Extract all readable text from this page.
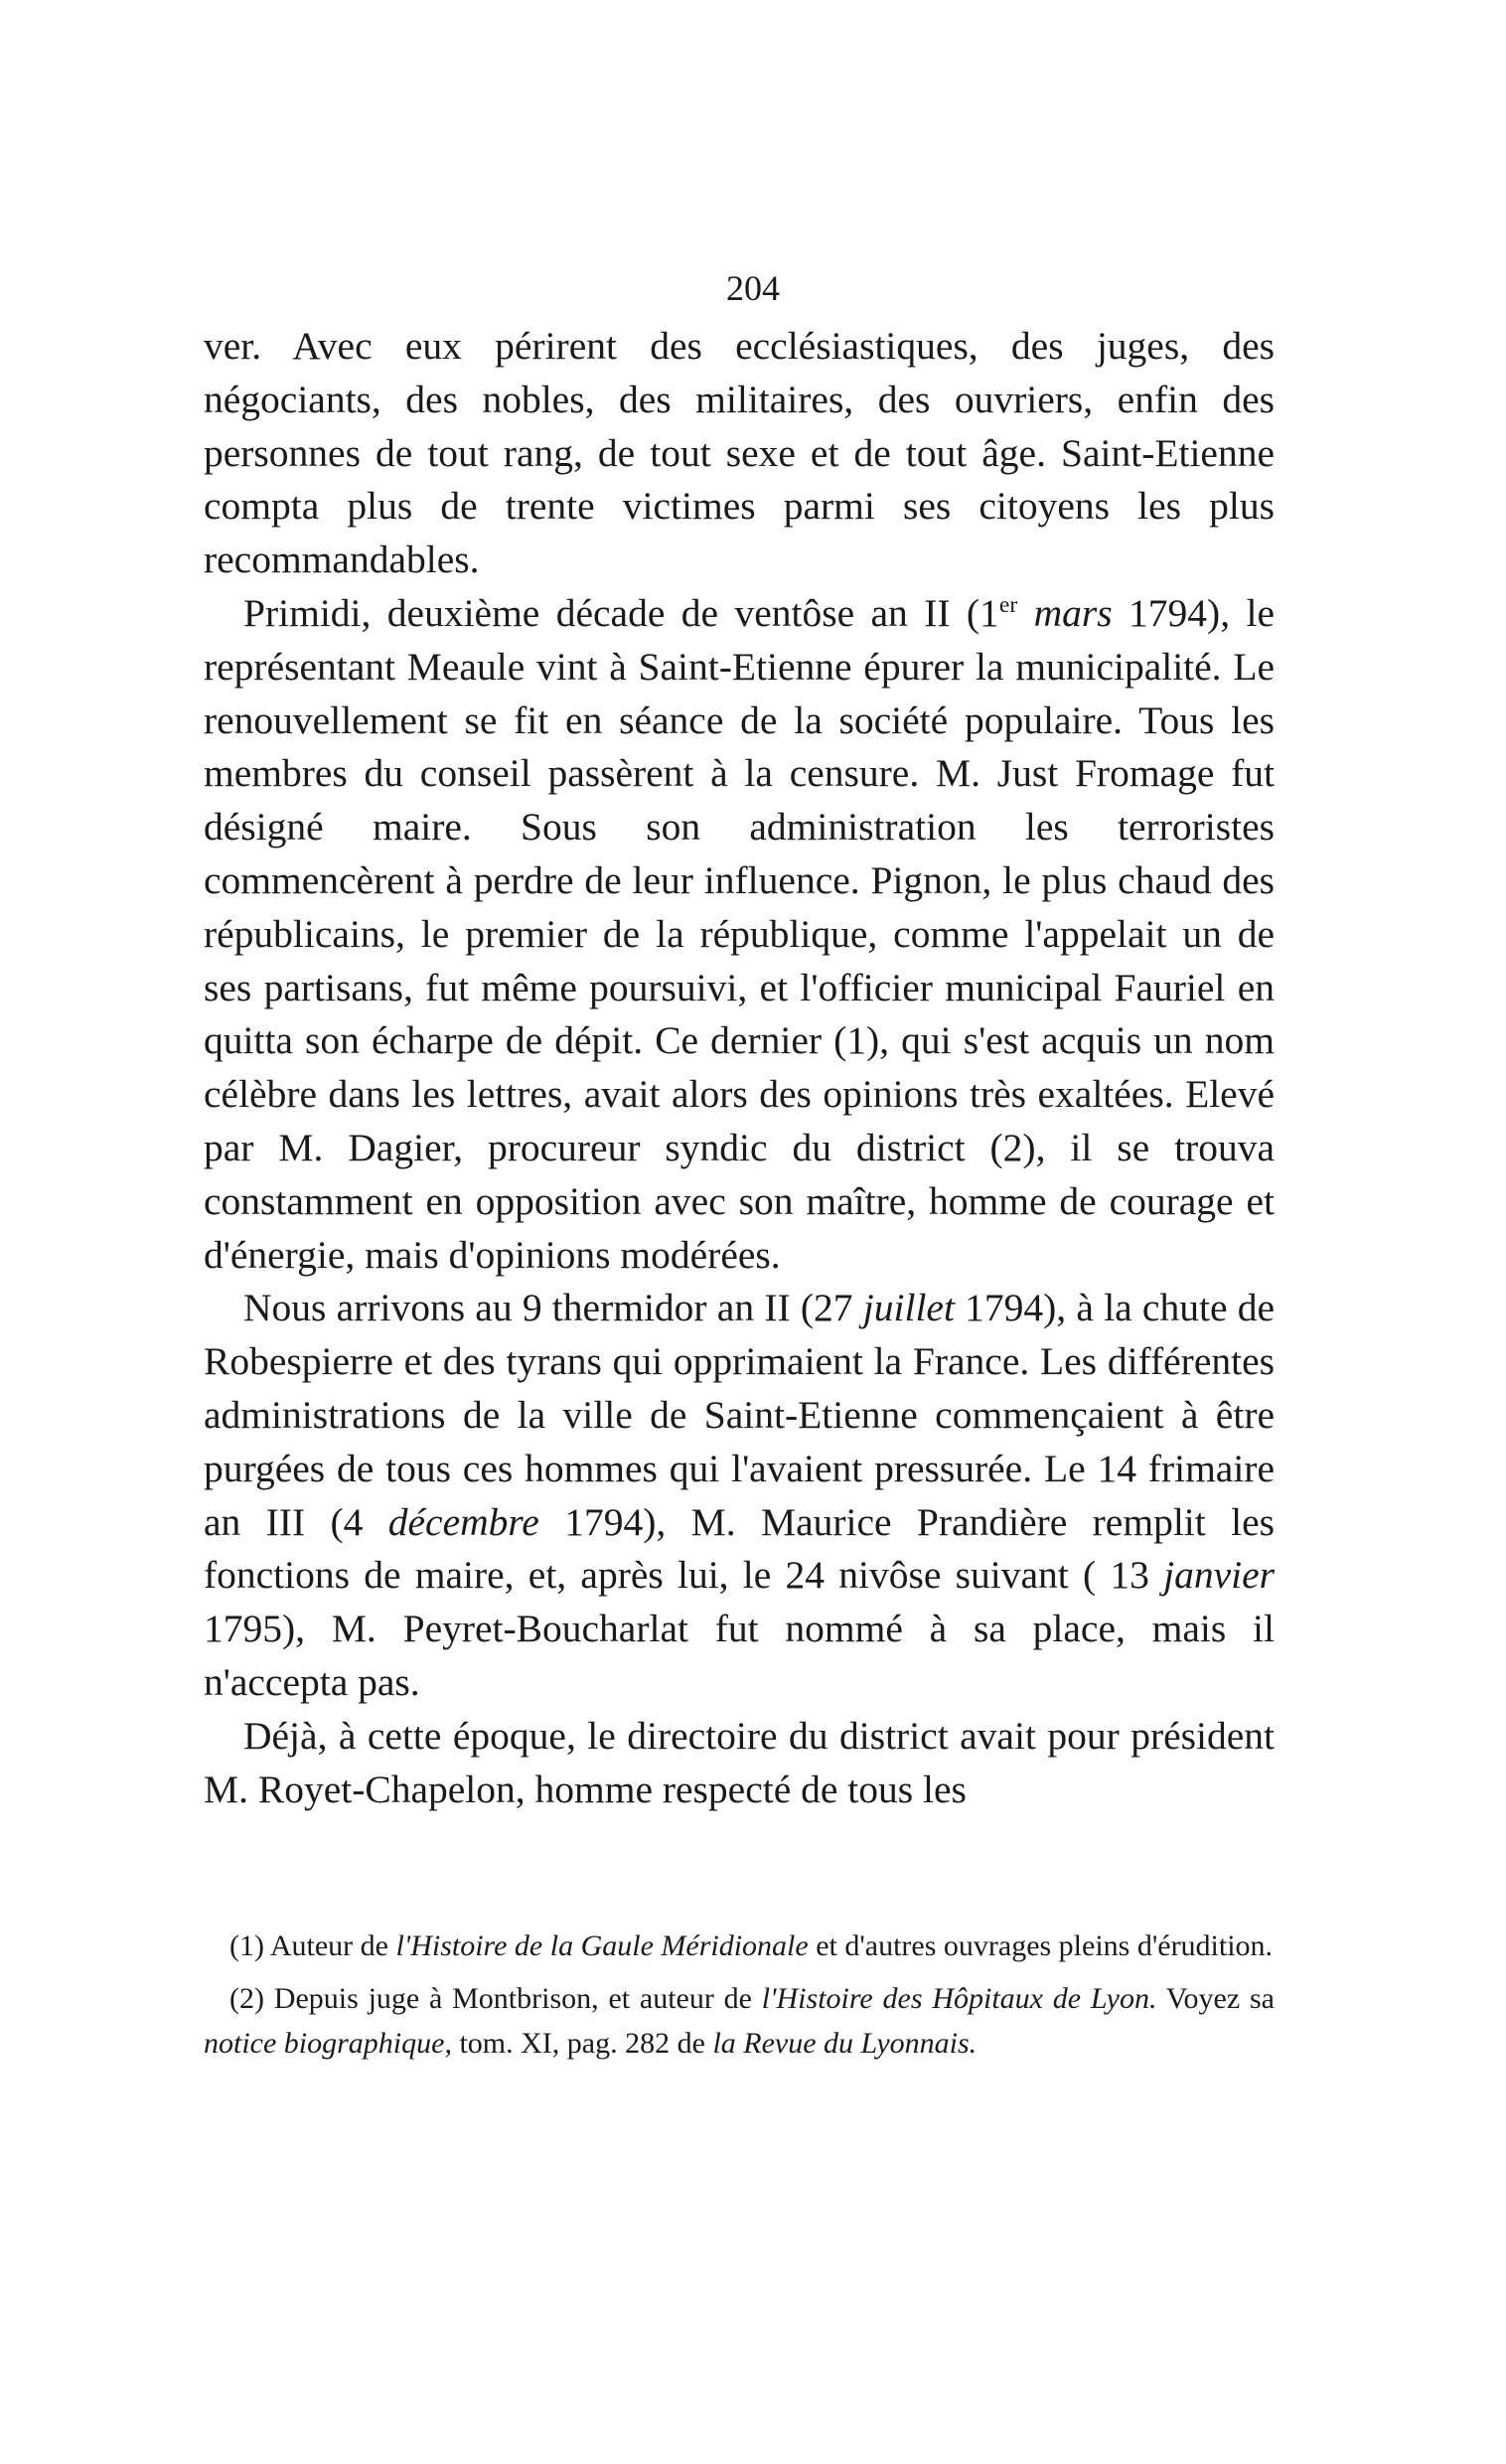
204

ver. Avec eux périrent des ecclésiastiques, des juges, des négociants, des nobles, des militaires, des ouvriers, enfin des personnes de tout rang, de tout sexe et de tout âge. Saint-Etienne compta plus de trente victimes parmi ses citoyens les plus recommandables.

Primidi, deuxième décade de ventôse an II (1er mars 1794), le représentant Meaule vint à Saint-Etienne épurer la municipalité. Le renouvellement se fit en séance de la société populaire. Tous les membres du conseil passèrent à la censure. M. Just Fromage fut désigné maire. Sous son administration les terroristes commencèrent à perdre de leur influence. Pignon, le plus chaud des républicains, le premier de la république, comme l'appelait un de ses partisans, fut même poursuivi, et l'officier municipal Fauriel en quitta son écharpe de dépit. Ce dernier (1), qui s'est acquis un nom célèbre dans les lettres, avait alors des opinions très exaltées. Elevé par M. Dagier, procureur syndic du district (2), il se trouva constamment en opposition avec son maître, homme de courage et d'énergie, mais d'opinions modérées.

Nous arrivons au 9 thermidor an II (27 juillet 1794), à la chute de Robespierre et des tyrans qui opprimaient la France. Les différentes administrations de la ville de Saint-Etienne commençaient à être purgées de tous ces hommes qui l'avaient pressurée. Le 14 frimaire an III (4 décembre 1794), M. Maurice Prandière remplit les fonctions de maire, et, après lui, le 24 nivôse suivant ( 13 janvier 1795), M. Peyret-Boucharlat fut nommé à sa place, mais il n'accepta pas.

Déjà, à cette époque, le directoire du district avait pour président M. Royet-Chapelon, homme respecté de tous les

(1) Auteur de l'Histoire de la Gaule Méridionale et d'autres ouvrages pleins d'érudition.

(2) Depuis juge à Montbrison, et auteur de l'Histoire des Hôpitaux de Lyon. Voyez sa notice biographique, tom. XI, pag. 282 de la Revue du Lyonnais.
